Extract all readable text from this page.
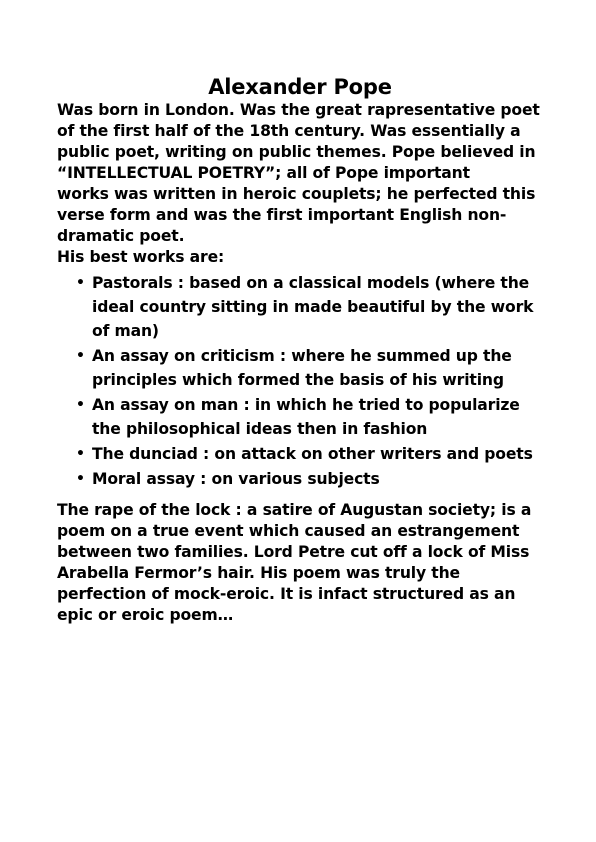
Alexander Pope

Was born in London. Was the great rapresentative poet
of the first half of the 18th century. Was essentially a
public poet, writing on public themes. Pope believed in
“INTELLECTUAL POETRY”; all of Pope important
works was written in heroic couplets; he perfected this
verse form and was the first important English non-
dramatic poet.

His best works are:

• Pastorals : based on a classical models (where the
ideal country sitting in made beautiful by the work
of man)
• An assay on criticism : where he summed up the
principles which formed the basis of his writing
• An assay on man : in which he tried to popularize
the philosophical ideas then in fashion
• The dunciad : on attack on other writers and poets
• Moral assay : on various subjects

The rape of the lock : a satire of Augustan society; is a
poem on a true event which caused an estrangement
between two families. Lord Petre cut off a lock of Miss
Arabella Fermor’s hair. His poem was truly the
perfection of mock-eroic. It is infact structured as an
epic or eroic poem…
